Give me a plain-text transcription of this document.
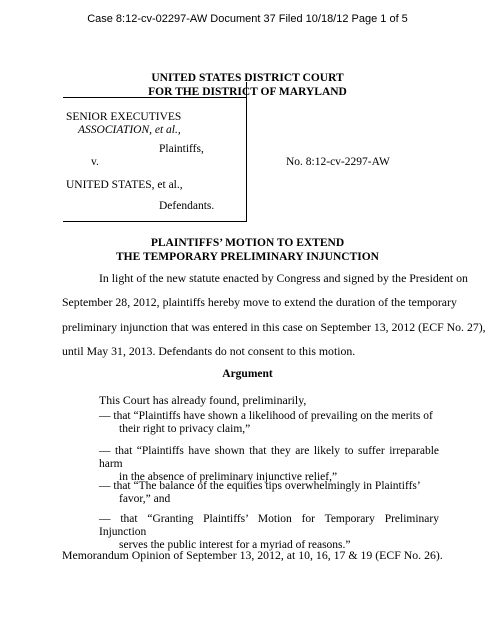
Case 8:12-cv-02297-AW Document 37 Filed 10/18/12 Page 1 of 5
UNITED STATES DISTRICT COURT
FOR THE DISTRICT OF MARYLAND
SENIOR EXECUTIVES
ASSOCIATION, et al.,
Plaintiffs,
v.	No. 8:12-cv-2297-AW
UNITED STATES, et al.,
Defendants.
PLAINTIFFS’ MOTION TO EXTEND
THE TEMPORARY PRELIMINARY INJUNCTION
In light of the new statute enacted by Congress and signed by the President on
September 28, 2012, plaintiffs hereby move to extend the duration of the temporary
preliminary injunction that was entered in this case on September 13, 2012 (ECF No. 27),
until May 31, 2013. Defendants do not consent to this motion.
Argument
This Court has already found, preliminarily,
— that “Plaintiffs have shown a likelihood of prevailing on the merits of
their right to privacy claim,”
— that “Plaintiffs have shown that they are likely to suffer irreparable harm
in the absence of preliminary injunctive relief,”
— that “The balance of the equities tips overwhelmingly in Plaintiffs’
favor,” and
— that “Granting Plaintiffs’ Motion for Temporary Preliminary Injunction
serves the public interest for a myriad of reasons.”
Memorandum Opinion of September 13, 2012, at 10, 16, 17 & 19 (ECF No. 26).
